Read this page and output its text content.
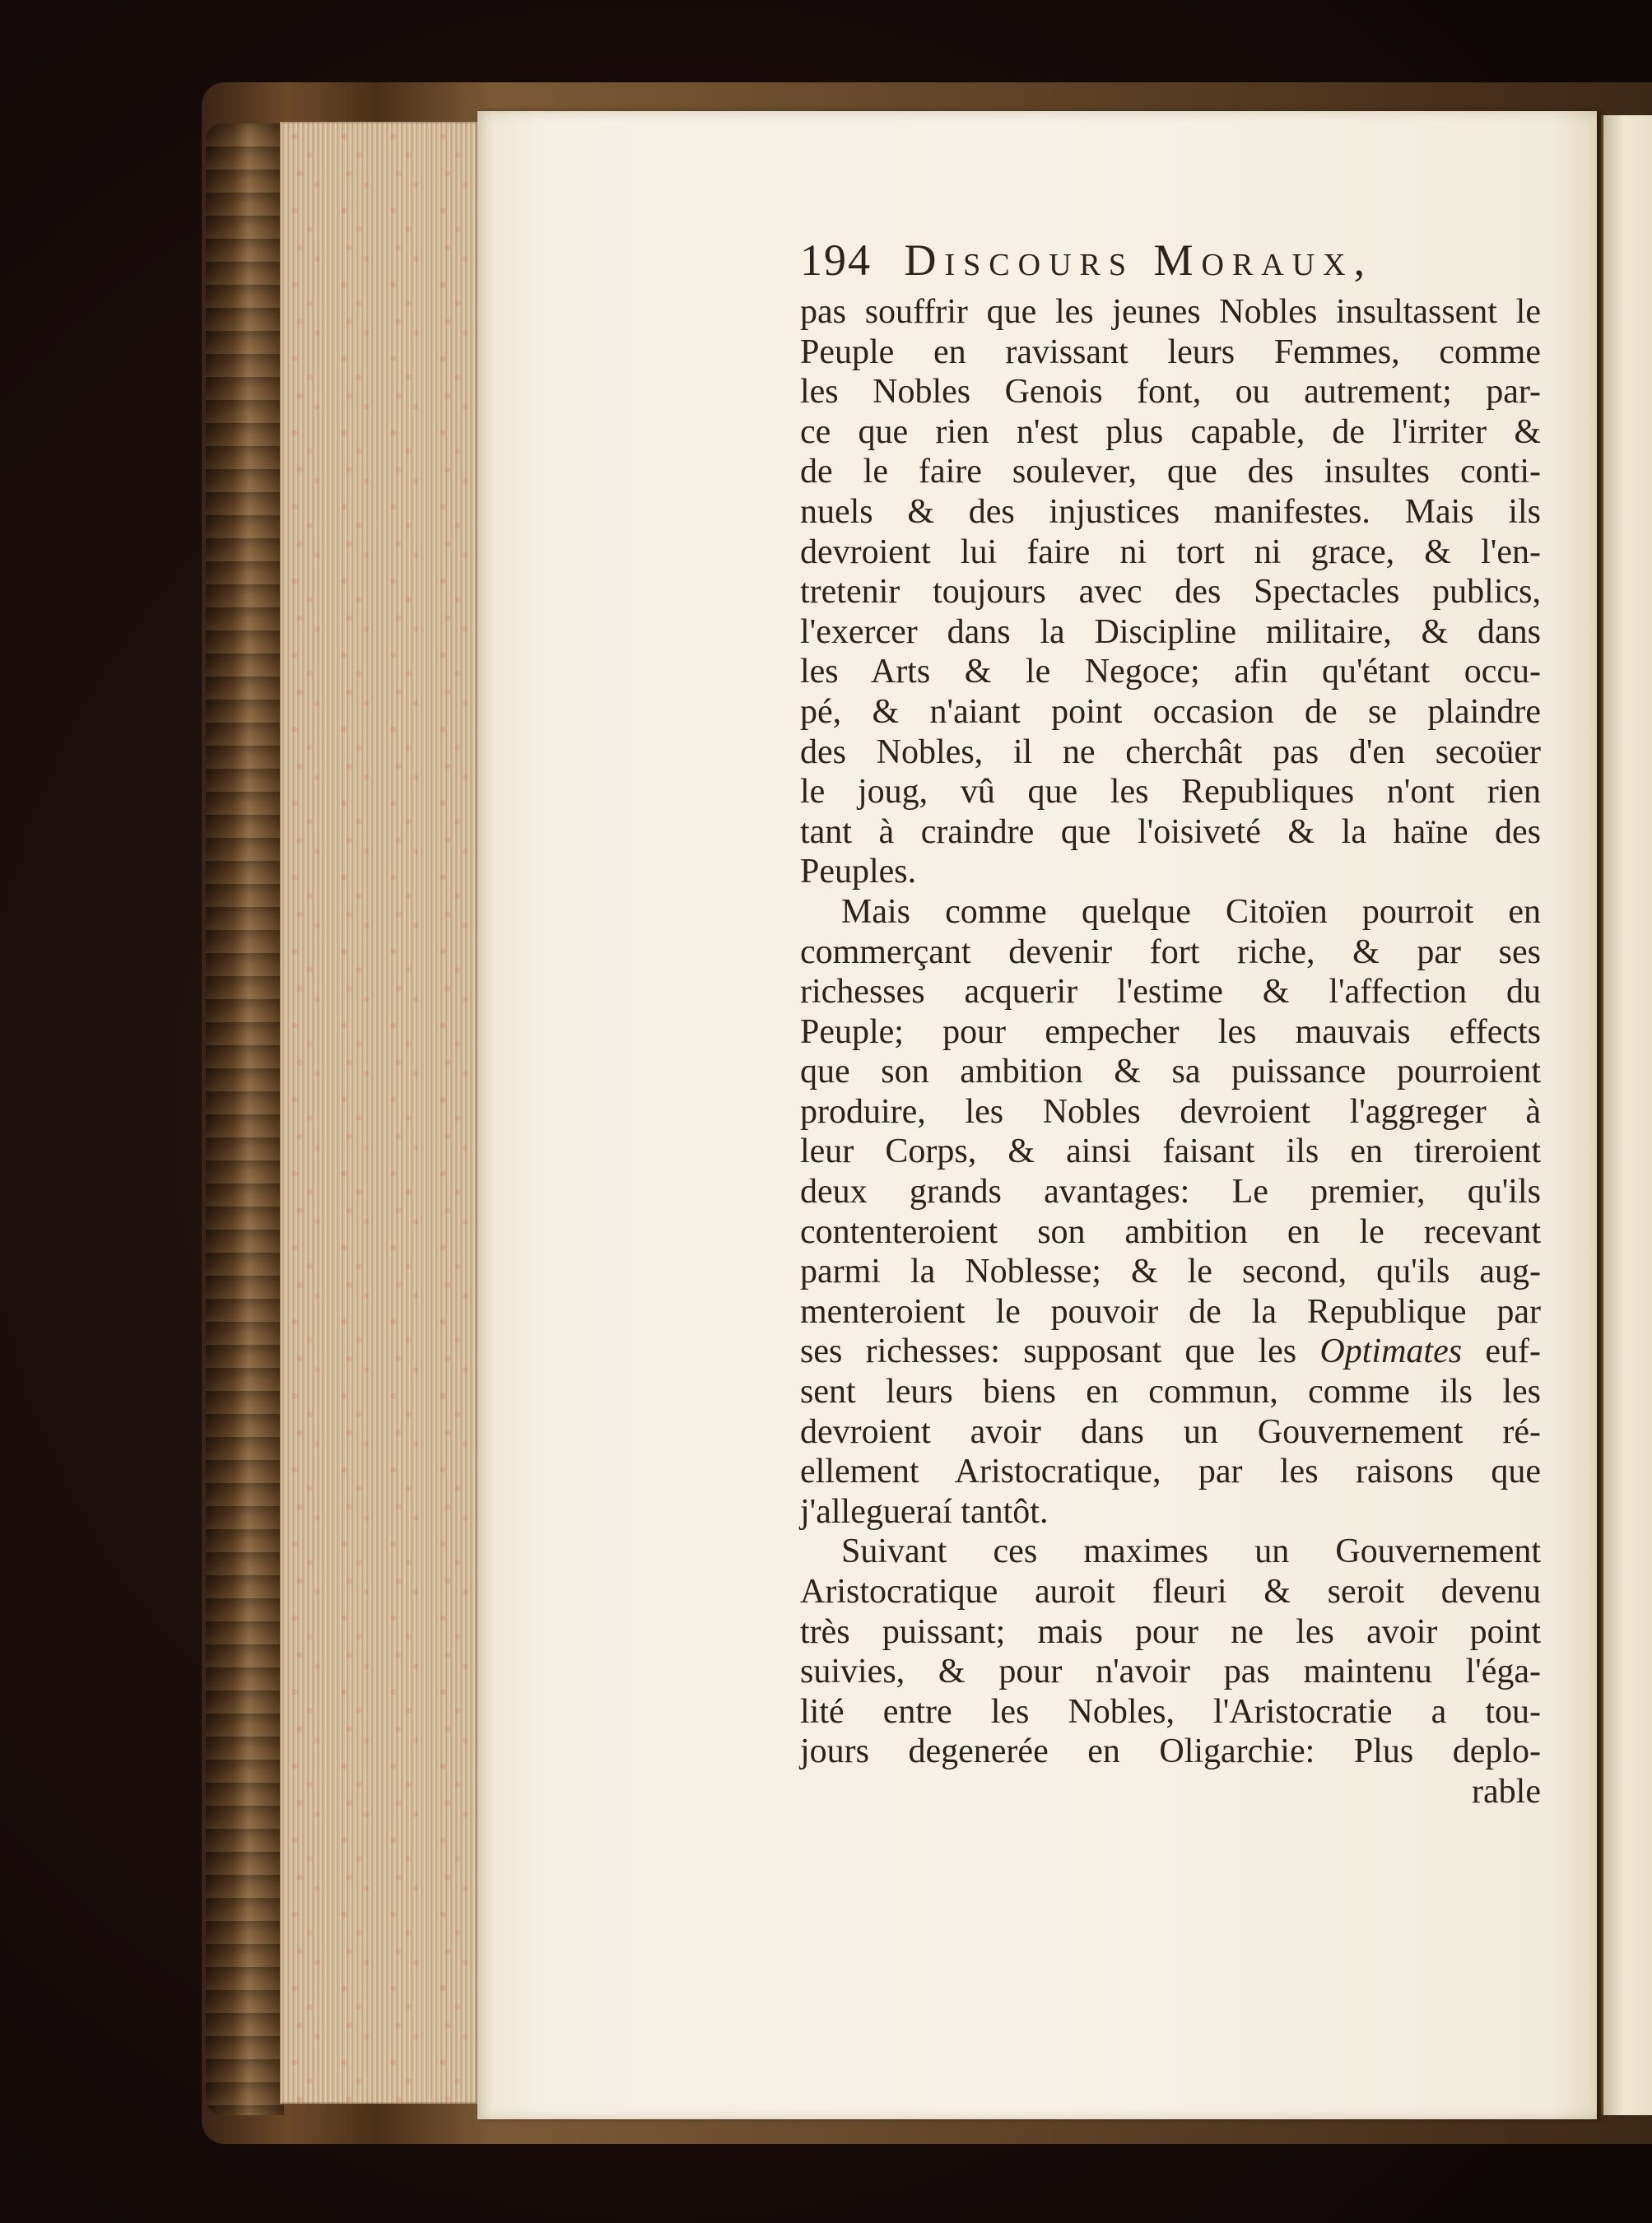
194 Discours Moraux,
pas souffrir que les jeunes Nobles insultassent le
Peuple en ravissant leurs Femmes, comme
les Nobles Genois font, ou autrement; par-
ce que rien n'est plus capable, de l'irriter &
de le faire soulever, que des insultes conti-
nuels & des injustices manifestes. Mais ils
devroient lui faire ni tort ni grace, & l'en-
tretenir toujours avec des Spectacles publics,
l'exercer dans la Discipline militaire, & dans
les Arts & le Negoce; afin qu'étant occu-
pé, & n'aiant point occasion de se plaindre
des Nobles, il ne cherchât pas d'en secoüer
le joug, vû que les Republiques n'ont rien
tant à craindre que l'oisiveté & la haïne des
Peuples.
Mais comme quelque Citoïen pourroit en
commerçant devenir fort riche, & par ses
richesses acquerir l'estime & l'affection du
Peuple; pour empecher les mauvais effects
que son ambition & sa puissance pourroient
produire, les Nobles devroient l'aggreger à
leur Corps, & ainsi faisant ils en tireroient
deux grands avantages: Le premier, qu'ils
contenteroient son ambition en le recevant
parmi la Noblesse; & le second, qu'ils aug-
menteroient le pouvoir de la Republique par
ses richesses: supposant que les Optimates euf-
sent leurs biens en commun, comme ils les
devroient avoir dans un Gouvernement ré-
ellement Aristocratique, par les raisons que
j'allegueraí tantôt.
Suivant ces maximes un Gouvernement
Aristocratique auroit fleuri & seroit devenu
très puissant; mais pour ne les avoir point
suivies, & pour n'avoir pas maintenu l'éga-
lité entre les Nobles, l'Aristocratie a tou-
jours degenerée en Oligarchie: Plus deplo-
rable
